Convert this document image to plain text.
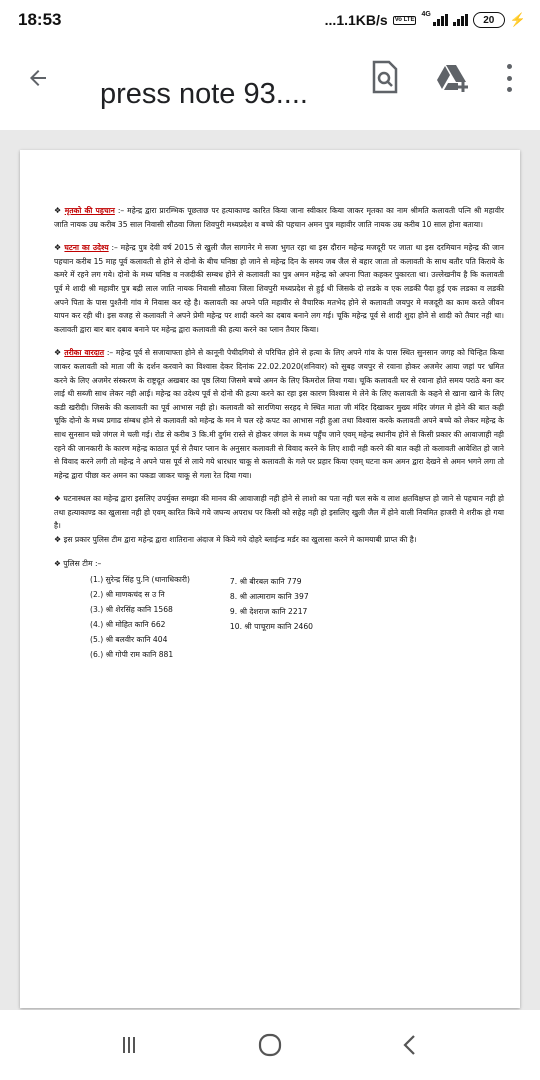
18:53	...1.1KB/s	Vo LTE
4G
20 ⚡
press note 93....

❖ मृतको की पहचान :– महेन्द्र द्वारा प्रारम्भिक पूछताछ पर हत्याकाण्ड कारित किया जाना स्वीकार किया जाकर मृतका का नाम श्रीमति कलावती पत्नि श्री महावीर जाति नायक उम्र करीब 35 साल निवासी सौठवा जिला शिवपुरी मध्यप्रदेश व बच्चे की पहचान अमन पुत्र महावीर जाति नायक उम्र करीब 10 साल होना बताया।

❖ घटना का उदेश्य :– महेन्द्र पुत्र देवी वर्ष 2015 से खुली जैल सागानेर मे सजा भुगत रहा था इस दौरान महेन्द्र मजदूरी पर जाता था इस दरमियान महेन्द्र की जान पहचान करीब 15 माह पूर्व कलावती से होने से दोनो के बीच घनिष्ठा हो जाने से महेन्द्र दिन के समय जब जैल से बहार जाता तो कलावती के साथ बतौर पति किराये के कमरे में रहने लग गये। दोनो के मध्य घनिष्ठ व नजदीकी सम्बध होने से कलावती का पुत्र अमन महेन्द्र को अपना पिता कहकर पुकारता था। उल्लेखनीय है कि कलावती पूर्व मे शादी श्री महावीर पुत्र बद्री लाल जाति नायक निवासी सौठवा जिला शिवपुरी मध्यप्रदेश से हुई थी जिसके दो लडके व एक लडकी पैदा हुई एक लडका व लडकी अपने पिता के पास पुश्तैनी गांव मे निवास कर रहे है। कलावती का अपने पति महावीर से वैचारिक मतभेद होने से कलावती जयपुर मे मजदूरी का काम करते जीवन यापन कर रही थी। इस वजह से कलावती ने अपने प्रेमी महेन्द्र पर शादी करने का दबाव बनाने लग गई। चूकि महेन्द्र पूर्व से शादी शुदा होने से शादी को तैयार नही था। कलावती द्वारा बार बार दबाव बनाने पर महेन्द्र द्वारा कलावती की हत्या करने का प्लान तैयार किया।

❖ तरीका वारदात :– महेन्द्र पूर्व से सजायाफ्ता होने से कानूनी पेचीदगियो से परिचित होने से हत्या के लिए अपने गांव के पास स्थित सुनसान जगह को चिन्हित किया जाकर कलावती को माता जी के दर्शन करवाने का विश्वास देकर दिनांक 22.02.2020(शनिवार) को सुबह जयपुर से रवाना होकर अजमेर आया जहां पर भ्रमित करने के लिए अजमेर संस्करण के राष्ट्रदूत अखबार का पृष्ठ लिया जिसमे बच्चे अमन के लिए किमरोल लिया गया। चूकि कलावती घर से रवाना होते समय पराठे बना कर लाई थी सब्जी साथ लेकर नही आई। महेन्द्र का उदेश्य पूर्व से दोनो की हत्या करने का रहा इस कारण विश्वास मे लेने के लिए कलावती के कहने से खाना खाने के लिए कडी खरीदी। जिसके की कलावती का पूर्व आभास नही हो। कलावती को सारणिया सरहद मे स्थित माता जी मंदिर दिखाकर मुख्य मंदिर जंगल मे होने की बात कही चूकि दोनो के मध्य प्रगाढ संम्बध होने से कलावती को महेन्द्र के मन मे चल रहे कपट का आभास नही हुआ तथा विश्वास करके कलावती अपने बच्चे को लेकर महेन्द्र के साथ सुनसान घन्ने जंगल मे चली गई। रोड से करीब 3 कि.मी दुर्गम रास्ते से होकर जंगल के मध्य पहुँच जाने एवम् महेन्द्र स्थानीय होने से किसी प्रकार की आवाजाही नही रहने की जानकारी के कारण महेन्द्र काठात पूर्व से तैयार प्लान के अनुसार कलावती से विवाद करने के लिए शादी नही करने की बात कही तो कलावती आवेशित हो जाने से विवाद करने लगी तो महेन्द्र ने अपने पास पूर्व से लाये गये धारधार चाकू से कलावती के गले पर प्रहार किया एवम् घटना कम अमन द्वारा देखने से अमन भगने लगा तो महेन्द्र द्वारा पीछा कर अमन का पकडा जाकर चाकू से गला रेत दिया गया।

❖ घटनास्थल का महेन्द्र द्वारा इसलिए उपर्युक्त समझा की मानव की आवाजाही नही होने से लाशो का पता नही चल सके व लाश क्षतविक्षप्त हो जाने से पहचान नही हो तथा हत्याकाण्ड का खुलासा नही हो एवम् कारित किये गये जघन्य अपराध पर किसी को सहेह नही हो इसलिए खुली जैल में होने वाली नियमित हाजरी मे शरीक हो गया है।

❖ इस प्रकार पुलिस टीम द्वारा महेन्द्र द्वारा शातिराना अंदाज मे किये गये दोहरे ब्लाईन्ड मर्डर का खुलासा करने मे कामयाबी प्राप्त की है।

❖ पुलिस टीम :–

(1.) सुरेन्द्र सिंह पु.नि (थानाधिकारी)
(2.) श्री माणकचंद स उ नि
(3.) श्री शेरसिंह कानि 1568
(4.) श्री मोहित कानि 662
(5.) श्री बलवीर कानि 404
(6.) श्री गोपी राम कानि 881
7. श्री बीरबल कानि 779
8. श्री आत्माराम कानि 397
9. श्री देशराज कानि 2217
10. श्री पाचूराम कानि 2460
